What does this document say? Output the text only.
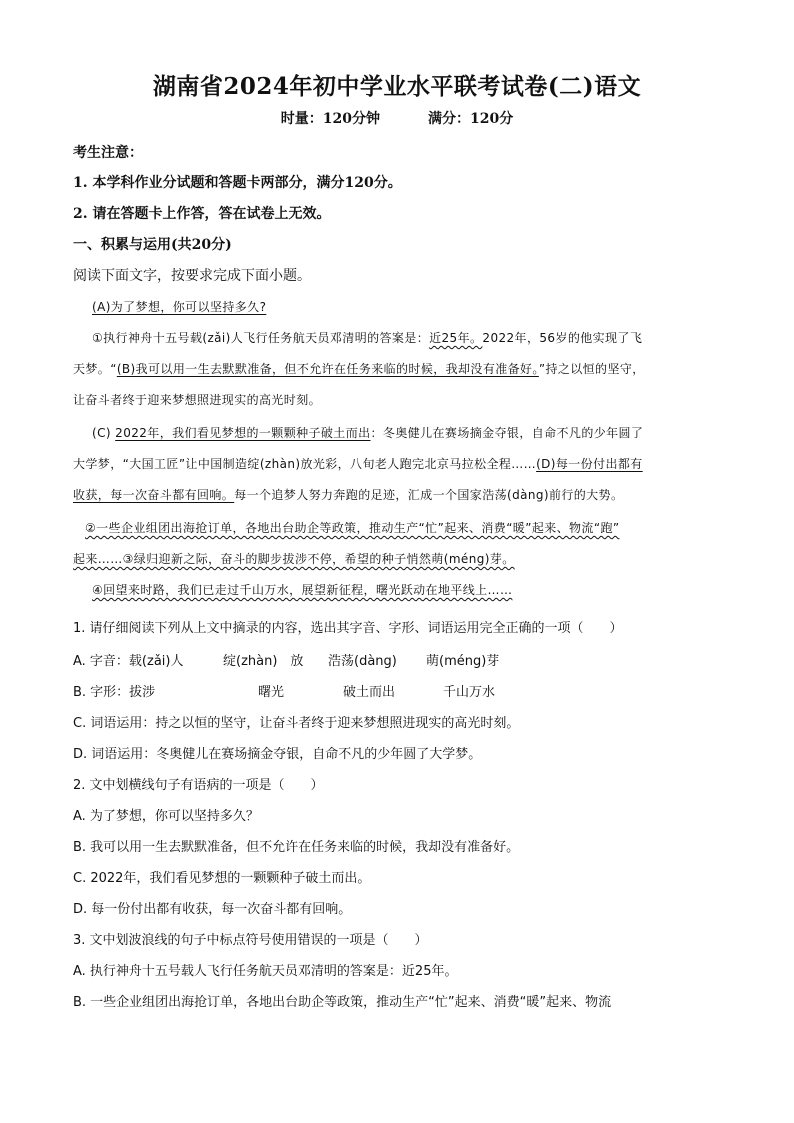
湖南省2024年初中学业水平联考试卷(二)语文
时量：120分钟	满分：120分
考生注意：
1. 本学科作业分试题和答题卡两部分，满分120分。
2. 请在答题卡上作答，答在试卷上无效。
一、积累与运用(共20分)
阅读下面文字，按要求完成下面小题。
(A)为了梦想，你可以坚持多久?
①执行神舟十五号载(zǎi)人飞行任务航天员邓清明的答案是：近25年。2022年，56岁的他实现了飞
天梦。“(B)我可以用一生去默默准备，但不允许在任务来临的时候，我却没有准备好。”持之以恒的坚守，
让奋斗者终于迎来梦想照进现实的高光时刻。
(C) 2022年，我们看见梦想的一颗颗种子破土而出：冬奥健儿在赛场摘金夺银，自命不凡的少年圆了
大学梦，“大国工匠”让中国制造绽(zhàn)放光彩，八旬老人跑完北京马拉松全程……(D)每一份付出都有
收获，每一次奋斗都有回响。每一个追梦人努力奔跑的足迹，汇成一个国家浩荡(dàng)前行的大势。
②一些企业组团出海抢订单，各地出台助企等政策，推动生产“忙”起来、消费“暖”起来、物流“跑”
起来……③绿归迎新之际，奋斗的脚步拔涉不停，希望的种子悄然萌(méng)芽。
④回望来时路，我们已走过千山万水，展望新征程，曙光跃动在地平线上……
1. 请仔细阅读下列从上文中摘录的内容，选出其字音、字形、词语运用完全正确的一项（　　）
A. 字音：载(zǎi)人	绽(zhàn)　放 浩荡(dàng) 萌(méng)芽
B. 字形：拔涉	曙光	破土而出	千山万水
C. 词语运用：持之以恒的坚守，让奋斗者终于迎来梦想照进现实的高光时刻。
D. 词语运用：冬奥健儿在赛场摘金夺银，自命不凡的少年圆了大学梦。
2. 文中划横线句子有语病的一项是（　　）
A. 为了梦想，你可以坚持多久？
B. 我可以用一生去默默准备，但不允许在任务来临的时候，我却没有准备好。
C. 2022年，我们看见梦想的一颗颗种子破土而出。
D. 每一份付出都有收获，每一次奋斗都有回响。
3. 文中划波浪线的句子中标点符号使用错误的一项是（　　）
A. 执行神舟十五号载人飞行任务航天员邓清明的答案是：近25年。
B. 一些企业组团出海抢订单，各地出台助企等政策，推动生产“忙”起来、消费“暖”起来、物流
